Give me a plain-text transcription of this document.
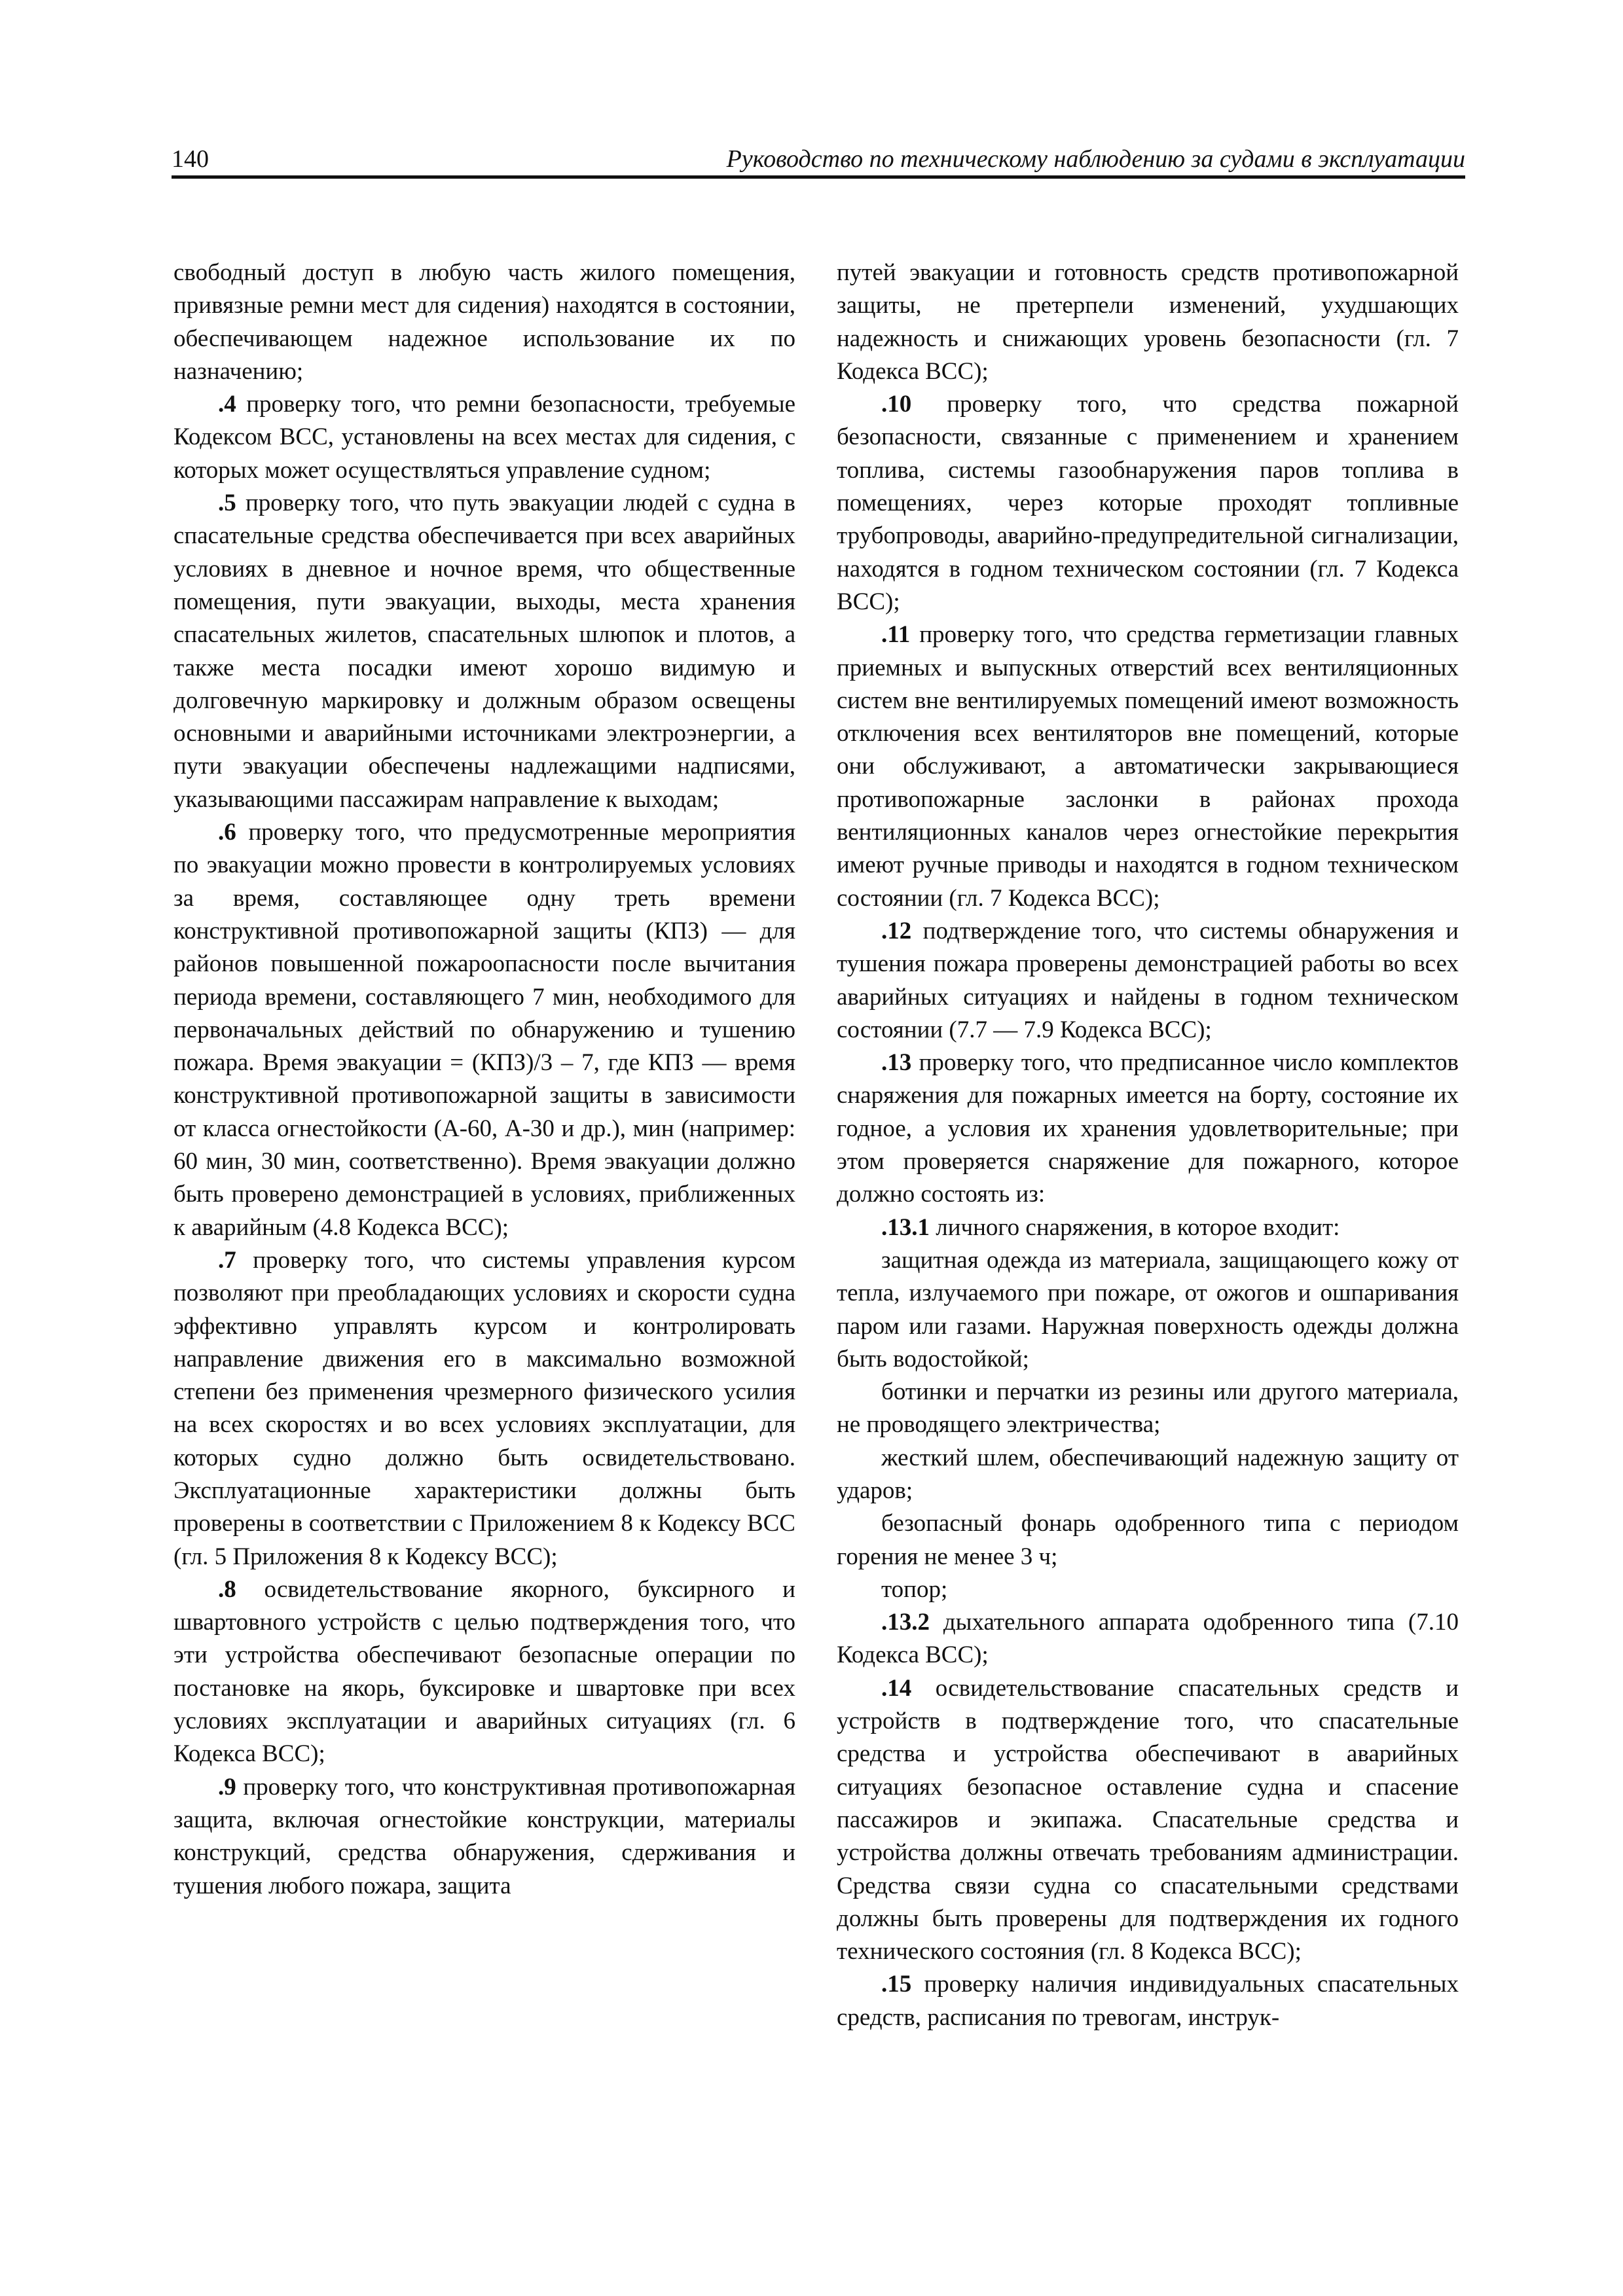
140	Руководство по техническому наблюдению за судами в эксплуатации

свободный доступ в любую часть жилого помещения, привязные ремни мест для сидения) находятся в состоянии, обеспечивающем надежное использование их по назначению;

.4 проверку того, что ремни безопасности, требуемые Кодексом ВСС, установлены на всех местах для сидения, с которых может осуществляться управление судном;

.5 проверку того, что путь эвакуации людей с судна в спасательные средства обеспечивается при всех аварийных условиях в дневное и ночное время, что общественные помещения, пути эвакуации, выходы, места хранения спасательных жилетов, спасательных шлюпок и плотов, а также места посадки имеют хорошо видимую и долговечную маркировку и должным образом освещены основными и аварийными источниками электроэнергии, а пути эвакуации обеспечены надлежащими надписями, указывающими пассажирам направление к выходам;

.6 проверку того, что предусмотренные мероприятия по эвакуации можно провести в контролируемых условиях за время, составляющее одну треть времени конструктивной противопожарной защиты (КПЗ) — для районов повышенной пожароопасности после вычитания периода времени, составляющего 7 мин, необходимого для первоначальных действий по обнаружению и тушению пожара. Время эвакуации = (КПЗ)/3 – 7, где КПЗ — время конструктивной противопожарной защиты в зависимости от класса огнестойкости (А-60, А-30 и др.), мин (например: 60 мин, 30 мин, соответственно). Время эвакуации должно быть проверено демонстрацией в условиях, приближенных к аварийным (4.8 Кодекса ВСС);

.7 проверку того, что системы управления курсом позволяют при преобладающих условиях и скорости судна эффективно управлять курсом и контролировать направление движения его в максимально возможной степени без применения чрезмерного физического усилия на всех скоростях и во всех условиях эксплуатации, для которых судно должно быть освидетельствовано. Эксплуатационные характеристики должны быть проверены в соответствии с Приложением 8 к Кодексу ВСС (гл. 5 Приложения 8 к Кодексу ВСС);

.8 освидетельствование якорного, буксирного и швартовного устройств с целью подтверждения того, что эти устройства обеспечивают безопасные операции по постановке на якорь, буксировке и швартовке при всех условиях эксплуатации и аварийных ситуациях (гл. 6 Кодекса ВСС);

.9 проверку того, что конструктивная противопожарная защита, включая огнестойкие конструкции, материалы конструкций, средства обнаружения, сдерживания и тушения любого пожара, защита

путей эвакуации и готовность средств противопожарной защиты, не претерпели изменений, ухудшающих надежность и снижающих уровень безопасности (гл. 7 Кодекса ВСС);

.10 проверку того, что средства пожарной безопасности, связанные с применением и хранением топлива, системы газообнаружения паров топлива в помещениях, через которые проходят топливные трубопроводы, аварийно-предупредительной сигнализации, находятся в годном техническом состоянии (гл. 7 Кодекса ВСС);

.11 проверку того, что средства герметизации главных приемных и выпускных отверстий всех вентиляционных систем вне вентилируемых помещений имеют возможность отключения всех вентиляторов вне помещений, которые они обслуживают, а автоматически закрывающиеся противопожарные заслонки в районах прохода вентиляционных каналов через огнестойкие перекрытия имеют ручные приводы и находятся в годном техническом состоянии (гл. 7 Кодекса ВСС);

.12 подтверждение того, что системы обнаружения и тушения пожара проверены демонстрацией работы во всех аварийных ситуациях и найдены в годном техническом состоянии (7.7 — 7.9 Кодекса ВСС);

.13 проверку того, что предписанное число комплектов снаряжения для пожарных имеется на борту, состояние их годное, а условия их хранения удовлетворительные; при этом проверяется снаряжение для пожарного, которое должно состоять из:

.13.1 личного снаряжения, в которое входит:

защитная одежда из материала, защищающего кожу от тепла, излучаемого при пожаре, от ожогов и ошпаривания паром или газами. Наружная поверхность одежды должна быть водостойкой;

ботинки и перчатки из резины или другого материала, не проводящего электричества;

жесткий шлем, обеспечивающий надежную защиту от ударов;

безопасный фонарь одобренного типа с периодом горения не менее 3 ч;

топор;

.13.2 дыхательного аппарата одобренного типа (7.10 Кодекса ВСС);

.14 освидетельствование спасательных средств и устройств в подтверждение того, что спасательные средства и устройства обеспечивают в аварийных ситуациях безопасное оставление судна и спасение пассажиров и экипажа. Спасательные средства и устройства должны отвечать требованиям администрации. Средства связи судна со спасательными средствами должны быть проверены для подтверждения их годного технического состояния (гл. 8 Кодекса ВСС);

.15 проверку наличия индивидуальных спасательных средств, расписания по тревогам, инструк-
